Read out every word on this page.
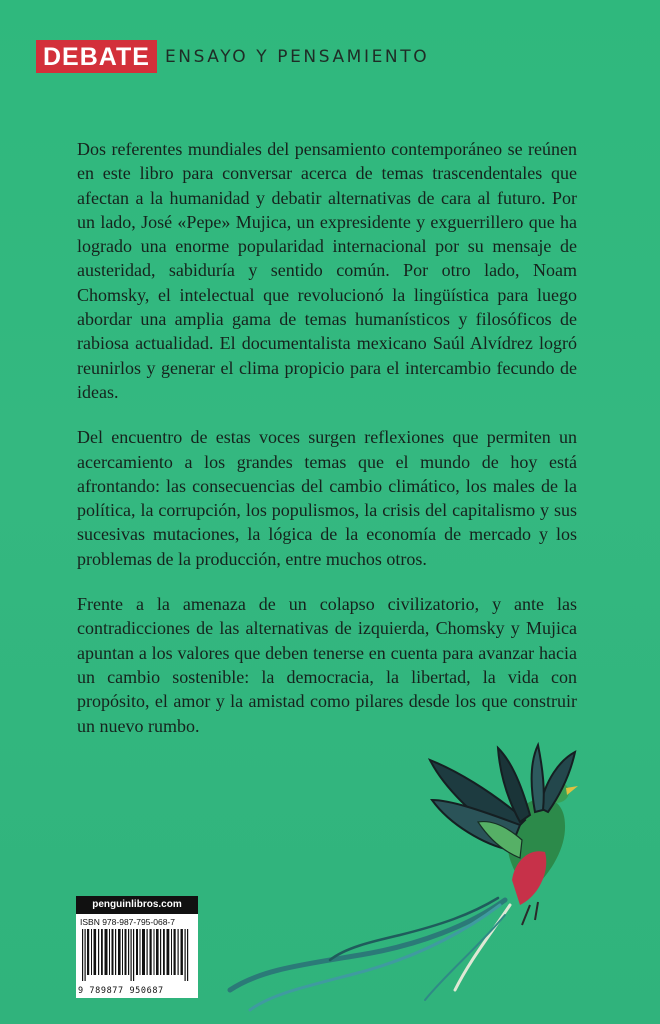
DEBATE ENSAYO Y PENSAMIENTO

Dos referentes mundiales del pensamiento contemporáneo se reúnen en este libro para conversar acerca de temas trascendentales que afectan a la humanidad y debatir alternativas de cara al futuro. Por un lado, José «Pepe» Mujica, un expresidente y exguerrillero que ha logrado una enorme popularidad internacional por su mensaje de austeridad, sabiduría y sentido común. Por otro lado, Noam Chomsky, el intelectual que revolucionó la lingüística para luego abordar una amplia gama de temas humanísticos y filosóficos de rabiosa actualidad. El documentalista mexicano Saúl Alvídrez logró reunirlos y generar el clima propicio para el intercambio fecundo de ideas.

Del encuentro de estas voces surgen reflexiones que permiten un acercamiento a los grandes temas que el mundo de hoy está afrontando: las consecuencias del cambio climático, los males de la política, la corrupción, los populismos, la crisis del capitalismo y sus sucesivas mutaciones, la lógica de la economía de mercado y los problemas de la producción, entre muchos otros.

Frente a la amenaza de un colapso civilizatorio, y ante las contradicciones de las alternativas de izquierda, Chomsky y Mujica apuntan a los valores que deben tenerse en cuenta para avanzar hacia un cambio sostenible: la democracia, la libertad, la vida con propósito, el amor y la amistad como pilares desde los que construir un nuevo rumbo.

penguinlibros.com
ISBN 978-987-795-068-7
9 789877 950687
